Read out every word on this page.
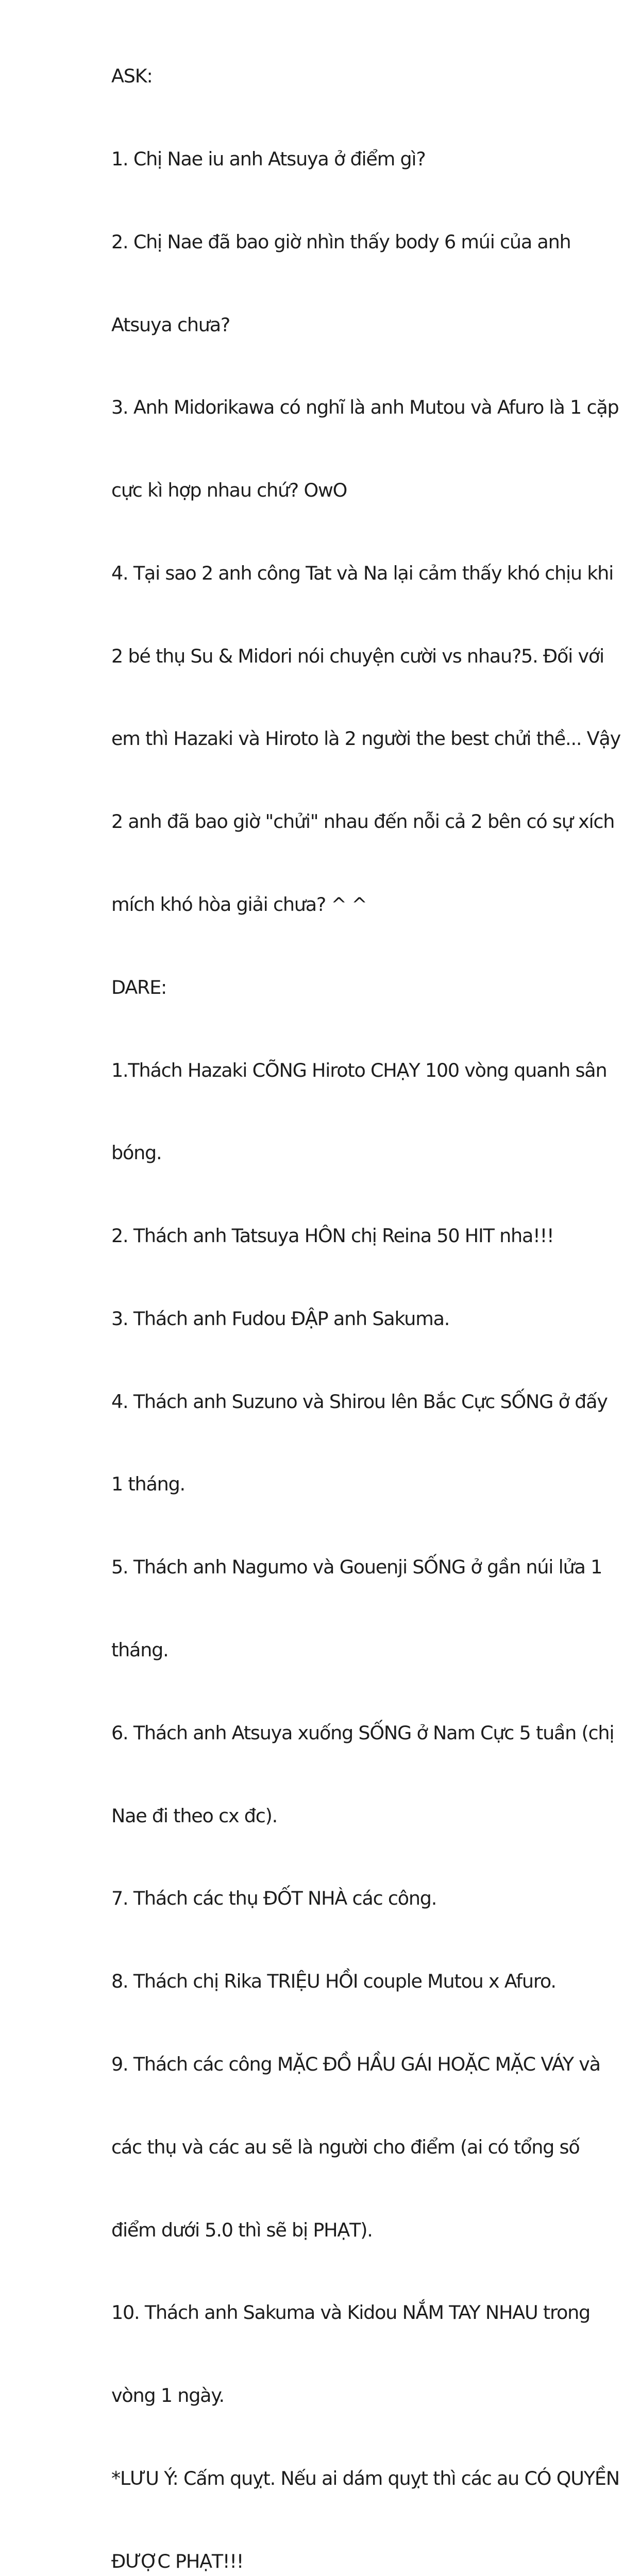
ASK:

1. Chị Nae iu anh Atsuya ở điểm gì?

2. Chị Nae đã bao giờ nhìn thấy body 6 múi của anh

Atsuya chưa?

3. Anh Midorikawa có nghĩ là anh Mutou và Afuro là 1 cặp

cực kì hợp nhau chứ? OwO

4. Tại sao 2 anh công Tat và Na lại cảm thấy khó chịu khi

2 bé thụ Su & Midori nói chuyện cười vs nhau?5. Đối với

em thì Hazaki và Hiroto là 2 người the best chửi thề... Vậy

2 anh đã bao giờ "chửi" nhau đến nỗi cả 2 bên có sự xích

mích khó hòa giải chưa? ^ ^

DARE:

1.Thách Hazaki CÕNG Hiroto CHẠY 100 vòng quanh sân

bóng.

2. Thách anh Tatsuya HÔN chị Reina 50 HIT nha!!!

3. Thách anh Fudou ĐẬP anh Sakuma.

4. Thách anh Suzuno và Shirou lên Bắc Cực SỐNG ở đấy

1 tháng.

5. Thách anh Nagumo và Gouenji SỐNG ở gần núi lửa 1

tháng.

6. Thách anh Atsuya xuống SỐNG ở Nam Cực 5 tuần (chị

Nae đi theo cx đc).

7. Thách các thụ ĐỐT NHÀ các công.

8. Thách chị Rika TRIỆU HỒI couple Mutou x Afuro.

9. Thách các công MẶC ĐỒ HẦU GÁI HOẶC MẶC VÁY và

các thụ và các au sẽ là người cho điểm (ai có tổng số

điểm dưới 5.0 thì sẽ bị PHẠT).

10. Thách anh Sakuma và Kidou NẮM TAY NHAU trong

vòng 1 ngày.

*LƯU Ý: Cấm quỵt. Nếu ai dám quỵt thì các au CÓ QUYỀN

ĐƯỢC PHẠT!!!
